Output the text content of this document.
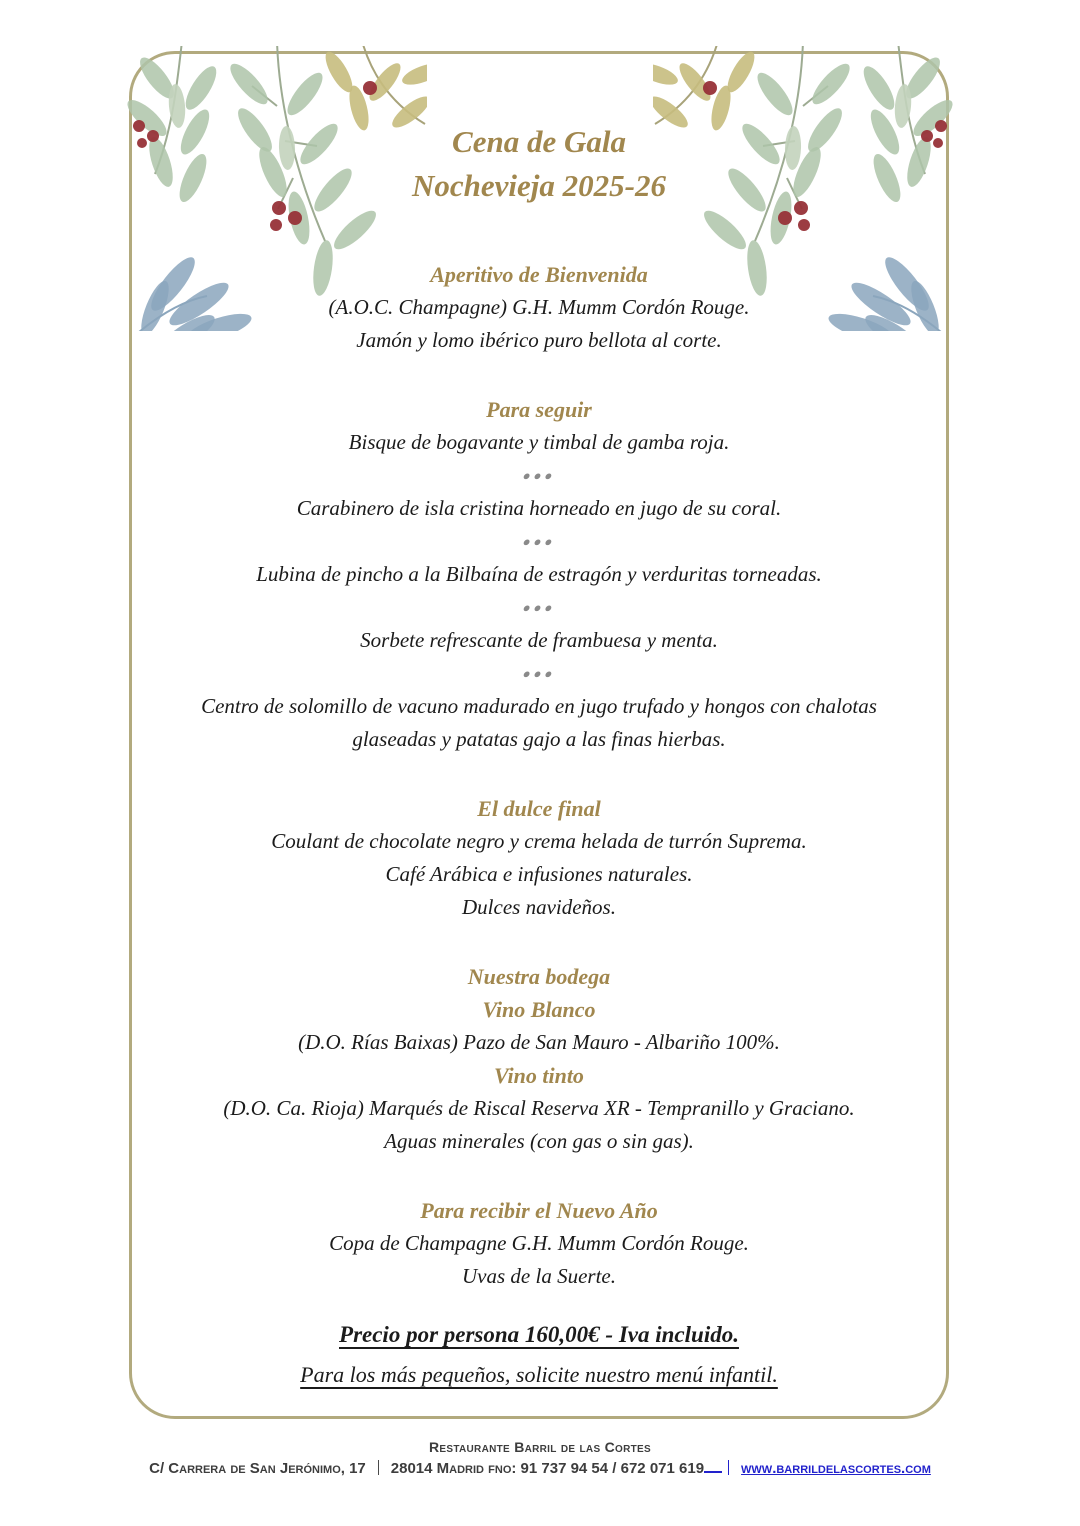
Cena de Gala
Nochevieja 2025-26
Aperitivo de Bienvenida
(A.O.C. Champagne) G.H. Mumm Cordón Rouge.
Jamón y lomo ibérico puro bellota al corte.
Para seguir
Bisque de bogavante y timbal de gamba roja.
●●●
Carabinero de isla cristina horneado en jugo de su coral.
●●●
Lubina de pincho a la Bilbaína de estragón y verduritas torneadas.
●●●
Sorbete refrescante de frambuesa y menta.
●●●
Centro de solomillo de vacuno madurado en jugo trufado y hongos con chalotas glaseadas y patatas gajo a las finas hierbas.
El dulce final
Coulant de chocolate negro y crema helada de turrón Suprema.
Café Arábica e infusiones naturales.
Dulces navideños.
Nuestra bodega
Vino Blanco
(D.O. Rías Baixas) Pazo de San Mauro - Albariño 100%.
Vino tinto
(D.O. Ca. Rioja) Marqués de Riscal Reserva XR - Tempranillo y Graciano.
Aguas minerales (con gas o sin gas).
Para recibir el Nuevo Año
Copa de Champagne G.H. Mumm Cordón Rouge.
Uvas de la Suerte.
Precio por persona 160,00€ - Iva incluido.
Para los más pequeños, solicite nuestro menú infantil.
Restaurante Barril de las Cortes
C/ Carrera de San Jerónimo, 17 28014 Madrid fno: 91 737 94 54 / 672 071 619 www.barrildelascortes.com
